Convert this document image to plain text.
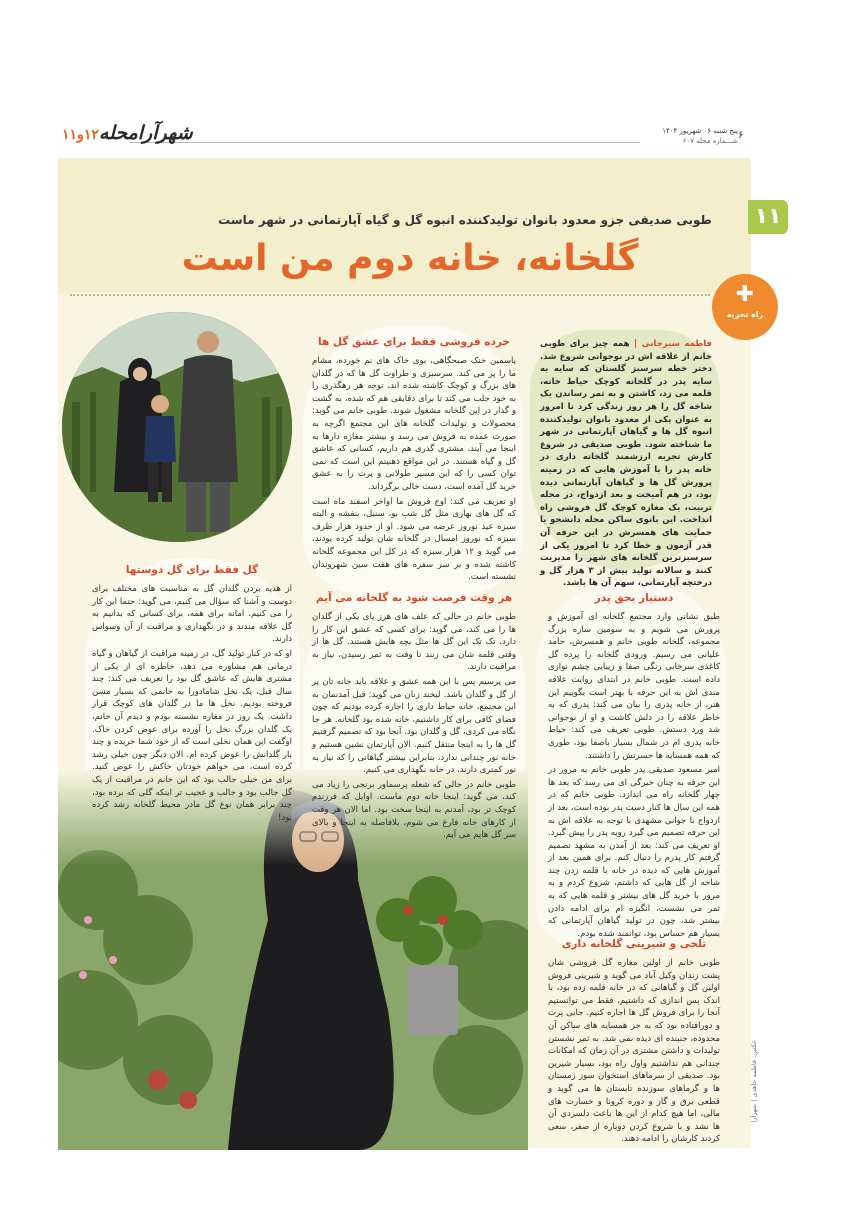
۶
پنج شنبه ۰۶ شهریور ۱۴۰۴
شـــماره مجله ۶۰۷
شهرآرامحله۱۲و۱۱
۱۱
طوبی صدیقی جزو معدود بانوان تولیدکننده انبوه گل و گیاه آپارتمانی در شهر ماست
گلخانه، خانه دوم من است
✚
راه تجربه
فاطمه سیرجانی | همه چیز برای طوبی خانم از علاقه اش در نوجوانی شروع شد. دختر خطه سرسبز گلستان که سایه به سایه پدر در گلخانه کوچک حیاط خانه، قلمه می زد، کاشتن و به ثمر رساندن یک شاخه گل را هر روز زندگی کرد تا امروز به عنوان یکی از معدود بانوان تولیدکننده انبوه گل ها و گیاهان آپارتمانی در شهر ما شناخته شود. طوبی صدیقی در شروع کارش تجربه ارزشمند گلخانه داری در خانه پدر را با آموزش هایی که در زمینه پرورش گل ها و گیاهان آپارتمانی دیده بود، در هم آمیخت و بعد ازدواج، در محله تربیت، یک مغازه کوچک گل فروشی راه انداخت. این بانوی ساکن محله دانشجو با حمایت های همسرش در این حرفه آن قدر آزمون و خطا کرد تا امروز یکی از سرسبزترین گلخانه های شهر را مدیریت کنند و سالانه تولید بیش از ۳ هزار گل و درختچه آپارتمانی، سهم آن ها باشد.
دستیار بحق پدر

طبق نشانی وارد مجتمع گلخانه ای آموزش و پرورش می شویم و به سومین سازه بزرگ مجموعه، گلخانه طوبی خانم و همسرش، حامد علیانی می رسیم. ورودی گلخانه را پرده گل کاغذی سرخابی رنگی صفا و زیبایی چشم نوازی داده است. طوبی خانم در ابتدای روایت علاقه مندی اش به این حرفه با بهتر است بگوییم این هنر، از خانه پدری را بیان می کند: پدری که به خاطر علاقه را در دلش کاشت و او از نوجوانی شد ورد دستش. طوبی تعریف می کند: حیاط خانه پدری ام در شمال بسیار باصفا بود، طوری که همه همسایه ها حسرتش را داشتند.

امیر مسعود صدیقی پدر طوبی خانم به مرور در این حرفه به چنان خبرگی ای می رسد که بعد ها چهار گلخانه راه می اندازد. طوبی خانم که در همه این سال ها کنار دست پدر بوده است، بعد از ازدواج با جوانی مشهدی با توجه به علاقه اش به این حرفه تصمیم می گیرد رویه پدر را پیش گیرد. او تعریف می کند: بعد از آمدن به مشهد تصمیم گرفتم کار پدرم را دنبال کنم. برای همین بعد از آموزش هایی که دیده در خانه با قلمه زدن چند شاخه از گل هایی که داشتم، شروع کردم و به مرور با خرید گل های بیشتر و قلمه هایی که به ثمر می نشست، انگیزه ام برای ادامه دادن بیشتر شد، چون در تولید گیاهان آپارتمانی که بسیار هم حساس بود، توانمند شده بودم.

تلخی و شیرینی گلخانه داری

طوبی خانم از اولین مغازه گل فروشی شان پشت زندان وکیل آباد می گوید و شیرینی فروش اولین گل و گیاهانی که در خانه قلمه زده بود، با اندک پس اندازی که داشتیم، فقط می توانستیم آنجا را برای فروش گل ها اجاره کنیم. جایی پرت و دورافتاده بود که به جز همسایه های ساکن آن محدوده، جنبنده ای دیده نمی شد. به ثمر نشستن تولیدات و داشتن مشتری در آن زمان که امکانات چندانی هم نداشتیم واول راه بود، بسیار شیرین بود. صدیقی از سرماهای استخوان سوز زمستان ها و گرماهای سوزنده تابستان ها می گوید و قطعی برق و گاز و دوره کرونا و خسارت های مالی، اما هیچ کدام از این ها باعث دلسردی آن ها نشد و با شروع کردن دوباره از صفر، سعی کردند کارشان را ادامه دهند.

خرده فروشی فقط برای عشق گل ها

یاسمین خنک صبحگاهی، بوی خاک های نم خورده، مشام ما را پر می کند. سرسبزی و طراوت گل ها که در گلدان های بزرگ و کوچک کاشته شده اند، توجه هر رهگذری را به خود جلب می کند تا برای دقایقی هم که شده، به گشت و گذار در این گلخانه مشغول شوند. طوبی خانم می گوید: محصولات و تولیدات گلخانه های این مجتمع اگرچه به صورت عمده به فروش می رسد و بیشتر مغازه دارها به اینجا می آیند، مشتری گذری هم داریم، کسانی که عاشق گل و گیاه هستند. در این مواقع ذهنیتم این است که نمی توان کسی را که این مسیر طولانی و پرت را به عشق خرید گل آمده است، دست خالی برگرداند.

او تعریف می کند: اوج فروش ما اواخر اسفند ماه است که گل های بهاری مثل گل شب بو، سنبل، بنفشه و البته سبزه عید نوروز عرضه می شود. او از حدود هزار ظرف سبزه که نوروز امسال در گلخانه شان تولید کرده بودند، می گوید و ۱۲ هزار سبزه که در کل این مجموعه گلخانه کاشته شده و بر سر سفره های هفت سین شهروندان نشسته است.

هر وقت فرصت شود به گلخانه می آیم

طوبی خانم در حالی که علف های هرز پای یکی از گلدان ها را می کند، می گوید: برای کسی که عشق این کار را دارد، تک تک این گل ها مثل بچه هایش هستند. گل ها از وقتی قلمه شان می زنند تا وقت به ثمر رسیدن، نیاز به مراقبت دارند.

می پرسیم پس با این همه عشق و علاقه باید خانه تان پر از گل و گلدان باشد. لبخند زنان می گوید: قبل آمدنمان به این مجتمع، خانه حیاط داری را اجاره کرده بودیم که چون فضای کافی برای کار داشتیم، خانه شده بود گلخانه. هر جا نگاه می کردی، گل و گلدان بود. آنجا بود که تصمیم گرفتیم گل ها را به اینجا منتقل کنیم. الان آپارتمان نشین هستیم و خانه نور چندانی ندارد، بنابراین بیشتر گیاهانی را که نیاز به نور کمتری دارند، در خانه نگهداری می کنیم.

طوبی خانم در حالی که شعله پرسماور برنجی را زیاد می کند، می گوید: اینجا خانه دوم ماست. اوایل که فرزندم کوچک تر بود، آمدنم به اینجا سخت بود. اما الان هر وقت از کارهای خانه فارغ می شوم، بلافاصله به اینجا و بالای سر گل هایم می آیم.

گل فقط برای گل دوستها

از هدیه بردن گلدان گل به مناسبت های مختلف برای دوست و آشنا که سؤال می کنیم، می گوید: حتما این کار را می کنیم، امانه برای همه، برای کسانی که بدانیم به گل علاقه مندند و در نگهداری و مراقبت از آن وسواس دارند.

او که در کنار تولید گل، در زمینه مراقبت از گیاهان و گیاه درمانی هم مشاوره می دهد، خاطره ای از یکی از مشتری هایش که عاشق گل بود را تعریف می کند: چند سال قبل، یک نخل شامادورا به خانمی که بسیار مسن فروخته بودیم. نخل ها ما در گلدان های کوچک قرار داشت. یک روز در مغازه نشسته بودم و دیدم آن خانم، یک گلدان بزرگ نخل را آورده برای عوض کردن خاک. اوگفت این همان نخلی است که از خود شما خریده و چند بار گلدانش را عوض کرده ام. الان دیگر چون خیلی رشد کرده است، می خواهم خودتان خاکش را عوض کنید. برای من خیلی جالب بود که این خانم در مراقبت از یک گل جالب بود و جالب و عجیب تر اینکه گلی که برده بود، چند برابر همان نوع گل مادر محیط گلخانه رشد کرده بود!

عکس: فاطمه جاهدی | شهرآرا
